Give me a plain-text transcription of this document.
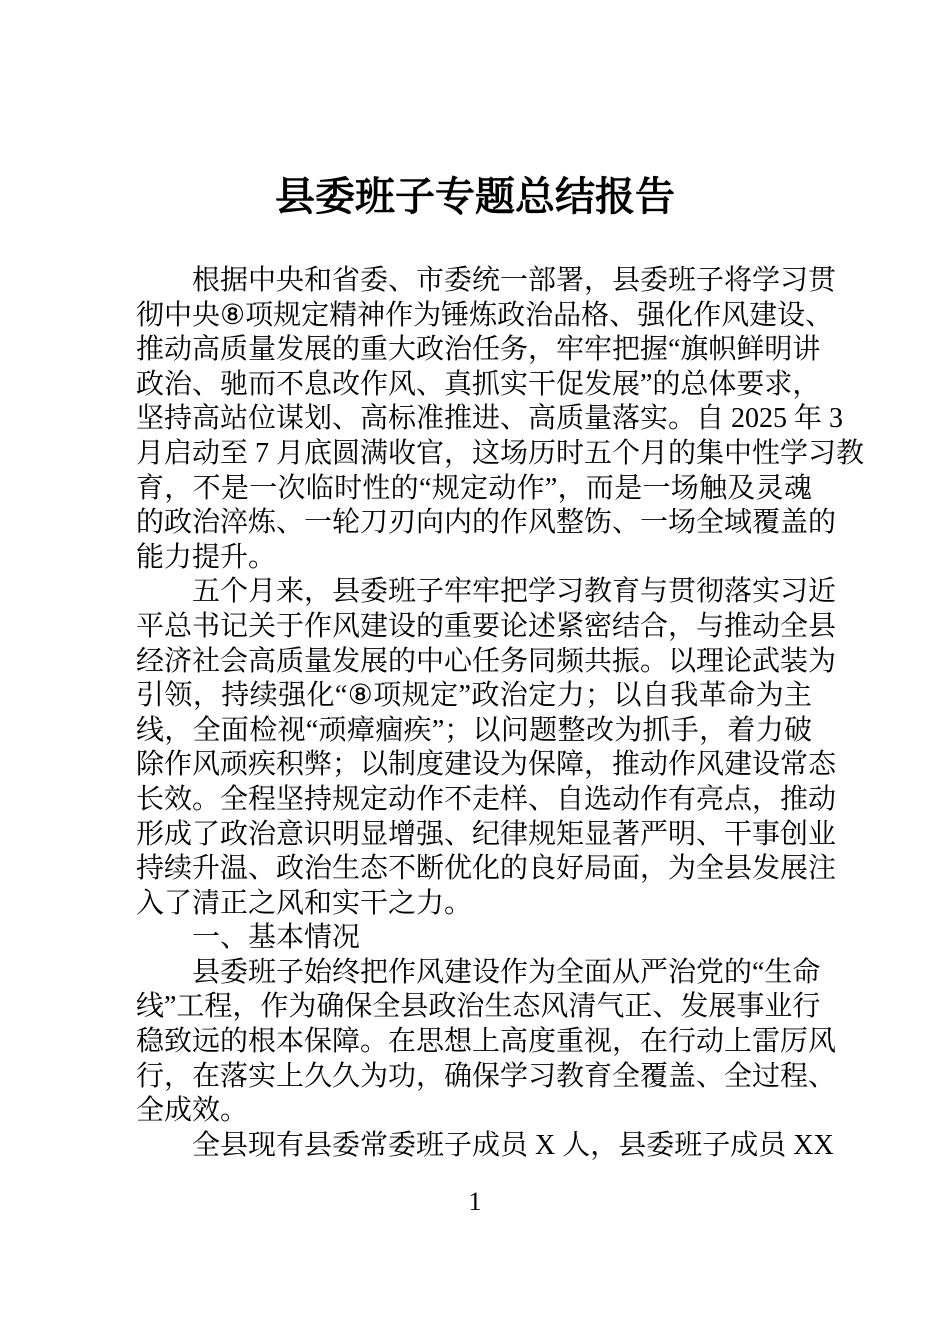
县委班子专题总结报告
根据中央和省委、市委统一部署，县委班子将学习贯
彻中央⑧项规定精神作为锤炼政治品格、强化作风建设、
推动高质量发展的重大政治任务，牢牢把握“旗帜鲜明讲
政治、驰而不息改作风、真抓实干促发展”的总体要求，
坚持高站位谋划、高标准推进、高质量落实。自 2025 年 3
月启动至 7 月底圆满收官，这场历时五个月的集中性学习教
育，不是一次临时性的“规定动作”，而是一场触及灵魂
的政治淬炼、一轮刀刃向内的作风整饬、一场全域覆盖的
能力提升。
五个月来，县委班子牢牢把学习教育与贯彻落实习近
平总书记关于作风建设的重要论述紧密结合，与推动全县
经济社会高质量发展的中心任务同频共振。以理论武装为
引领，持续强化“⑧项规定”政治定力；以自我革命为主
线，全面检视“顽瘴痼疾”；以问题整改为抓手，着力破
除作风顽疾积弊；以制度建设为保障，推动作风建设常态
长效。全程坚持规定动作不走样、自选动作有亮点，推动
形成了政治意识明显增强、纪律规矩显著严明、干事创业
持续升温、政治生态不断优化的良好局面，为全县发展注
入了清正之风和实干之力。
一、基本情况
县委班子始终把作风建设作为全面从严治党的“生命
线”工程，作为确保全县政治生态风清气正、发展事业行
稳致远的根本保障。在思想上高度重视，在行动上雷厉风
行，在落实上久久为功，确保学习教育全覆盖、全过程、
全成效。
全县现有县委常委班子成员 X 人，县委班子成员 XX
1
